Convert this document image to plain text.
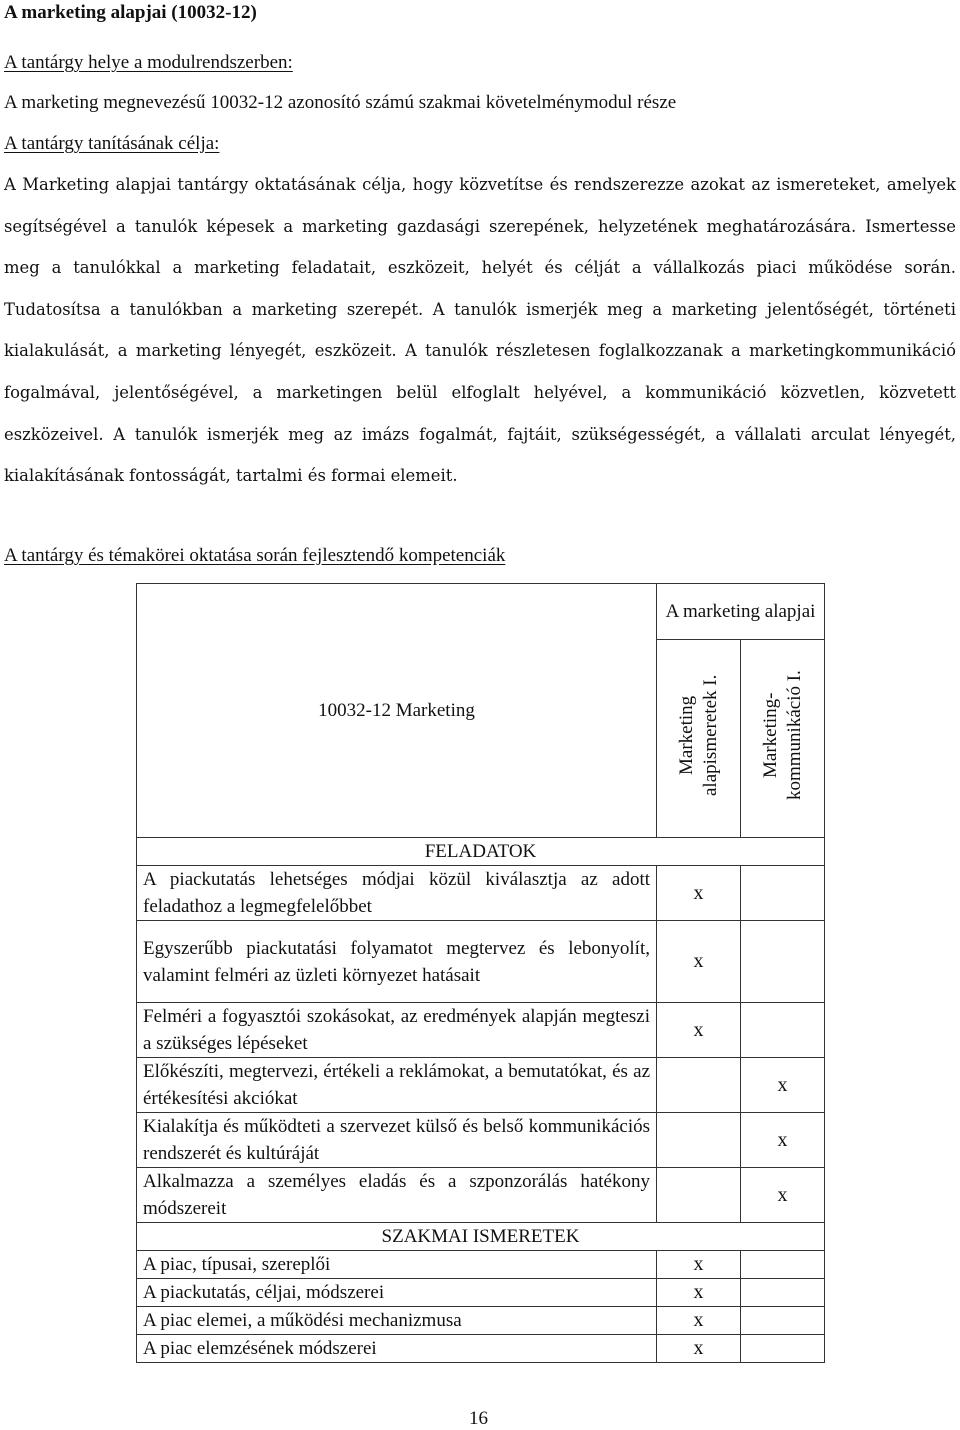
A marketing alapjai (10032-12)
A tantárgy helye a modulrendszerben:
A marketing megnevezésű 10032-12 azonosító számú szakmai követelménymodul része
A tantárgy tanításának célja:

A Marketing alapjai tantárgy oktatásának célja, hogy közvetítse és rendszerezze azokat az ismereteket, amelyek segítségével a tanulók képesek a marketing gazdasági szerepének, helyzetének meghatározására. Ismertesse meg a tanulókkal a marketing feladatait, eszközeit, helyét és célját a vállalkozás piaci működése során. Tudatosítsa a tanulókban a marketing szerepét. A tanulók ismerjék meg a marketing jelentőségét, történeti kialakulását, a marketing lényegét, eszközeit. A tanulók részletesen foglalkozzanak a marketingkommunikáció fogalmával, jelentőségével, a marketingen belül elfoglalt helyével, a kommunikáció közvetlen, közvetett eszközeivel. A tanulók ismerjék meg az imázs fogalmát, fajtáit, szükségességét, a vállalati arculat lényegét, kialakításának fontosságát, tartalmi és formai elemeit.

A tantárgy és témakörei oktatása során fejlesztendő kompetenciák
10032-12 Marketing	A marketing alapjai	
	Marketing alapismeretek I.	Marketing-kommunikáció I.
FELADATOK		
A piackutatás lehetséges módjai közül kiválasztja az adott feladathoz a legmegfelelőbbet	x	
Egyszerűbb piackutatási folyamatot megtervez és lebonyolít, valamint felméri az üzleti környezet hatásait	x	
Felméri a fogyasztói szokásokat, az eredmények alapján megteszi a szükséges lépéseket	x	
Előkészíti, megtervezi, értékeli a reklámokat, a bemutatókat, és az értékesítési akciókat		x
Kialakítja és működteti a szervezet külső és belső kommunikációs rendszerét és kultúráját		x
Alkalmazza a személyes eladás és a szponzorálás hatékony módszereit		x
SZAKMAI ISMERETEK		
A piac, típusai, szereplői	x	
A piackutatás, céljai, módszerei	x	
A piac elemei, a működési mechanizmusa	x	
A piac elemzésének módszerei	x	
16
